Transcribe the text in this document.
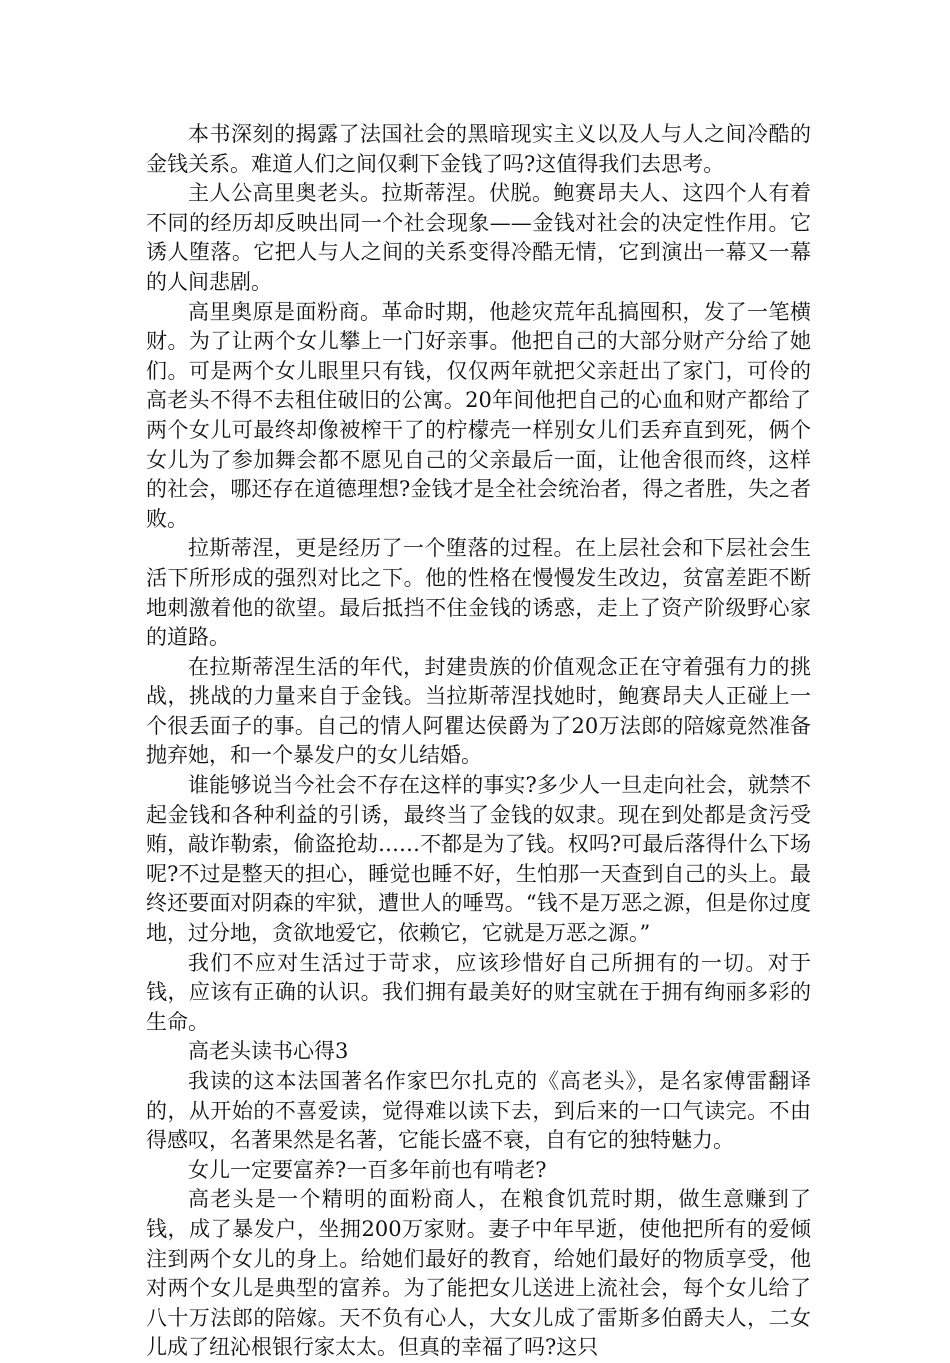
本书深刻的揭露了法国社会的黑暗现实主义以及人与人之间冷酷的金钱关系。难道人们之间仅剩下金钱了吗?这值得我们去思考。

主人公高里奥老头。拉斯蒂涅。伏脱。鲍赛昂夫人、这四个人有着不同的经历却反映出同一个社会现象——金钱对社会的决定性作用。它诱人堕落。它把人与人之间的关系变得冷酷无情，它到演出一幕又一幕的人间悲剧。

高里奥原是面粉商。革命时期，他趁灾荒年乱搞囤积，发了一笔横财。为了让两个女儿攀上一门好亲事。他把自己的大部分财产分给了她们。可是两个女儿眼里只有钱，仅仅两年就把父亲赶出了家门，可伶的高老头不得不去租住破旧的公寓。20年间他把自己的心血和财产都给了两个女儿可最终却像被榨干了的柠檬壳一样别女儿们丢弃直到死，俩个女儿为了参加舞会都不愿见自己的父亲最后一面，让他舍很而终，这样的社会，哪还存在道德理想?金钱才是全社会统治者，得之者胜，失之者败。

拉斯蒂涅，更是经历了一个堕落的过程。在上层社会和下层社会生活下所形成的强烈对比之下。他的性格在慢慢发生改边，贫富差距不断地刺激着他的欲望。最后抵挡不住金钱的诱惑，走上了资产阶级野心家的道路。

在拉斯蒂涅生活的年代，封建贵族的价值观念正在守着强有力的挑战，挑战的力量来自于金钱。当拉斯蒂涅找她时，鲍赛昂夫人正碰上一个很丢面子的事。自己的情人阿瞿达侯爵为了20万法郎的陪嫁竟然准备抛弃她，和一个暴发户的女儿结婚。

谁能够说当今社会不存在这样的事实?多少人一旦走向社会，就禁不起金钱和各种利益的引诱，最终当了金钱的奴隶。现在到处都是贪污受贿，敲诈勒索，偷盗抢劫……不都是为了钱。权吗?可最后落得什么下场呢?不过是整天的担心，睡觉也睡不好，生怕那一天查到自己的头上。最终还要面对阴森的牢狱，遭世人的唾骂。“钱不是万恶之源，但是你过度地，过分地，贪欲地爱它，依赖它，它就是万恶之源。”

我们不应对生活过于苛求，应该珍惜好自己所拥有的一切。对于钱，应该有正确的认识。我们拥有最美好的财宝就在于拥有绚丽多彩的生命。

高老头读书心得3

我读的这本法国著名作家巴尔扎克的《高老头》，是名家傅雷翻译的，从开始的不喜爱读，觉得难以读下去，到后来的一口气读完。不由得感叹，名著果然是名著，它能长盛不衰，自有它的独特魅力。

女儿一定要富养?一百多年前也有啃老?

高老头是一个精明的面粉商人，在粮食饥荒时期，做生意赚到了钱，成了暴发户，坐拥200万家财。妻子中年早逝，使他把所有的爱倾注到两个女儿的身上。给她们最好的教育，给她们最好的物质享受，他对两个女儿是典型的富养。为了能把女儿送进上流社会，每个女儿给了八十万法郎的陪嫁。天不负有心人，大女儿成了雷斯多伯爵夫人，二女儿成了纽沁根银行家太太。但真的幸福了吗?这只
